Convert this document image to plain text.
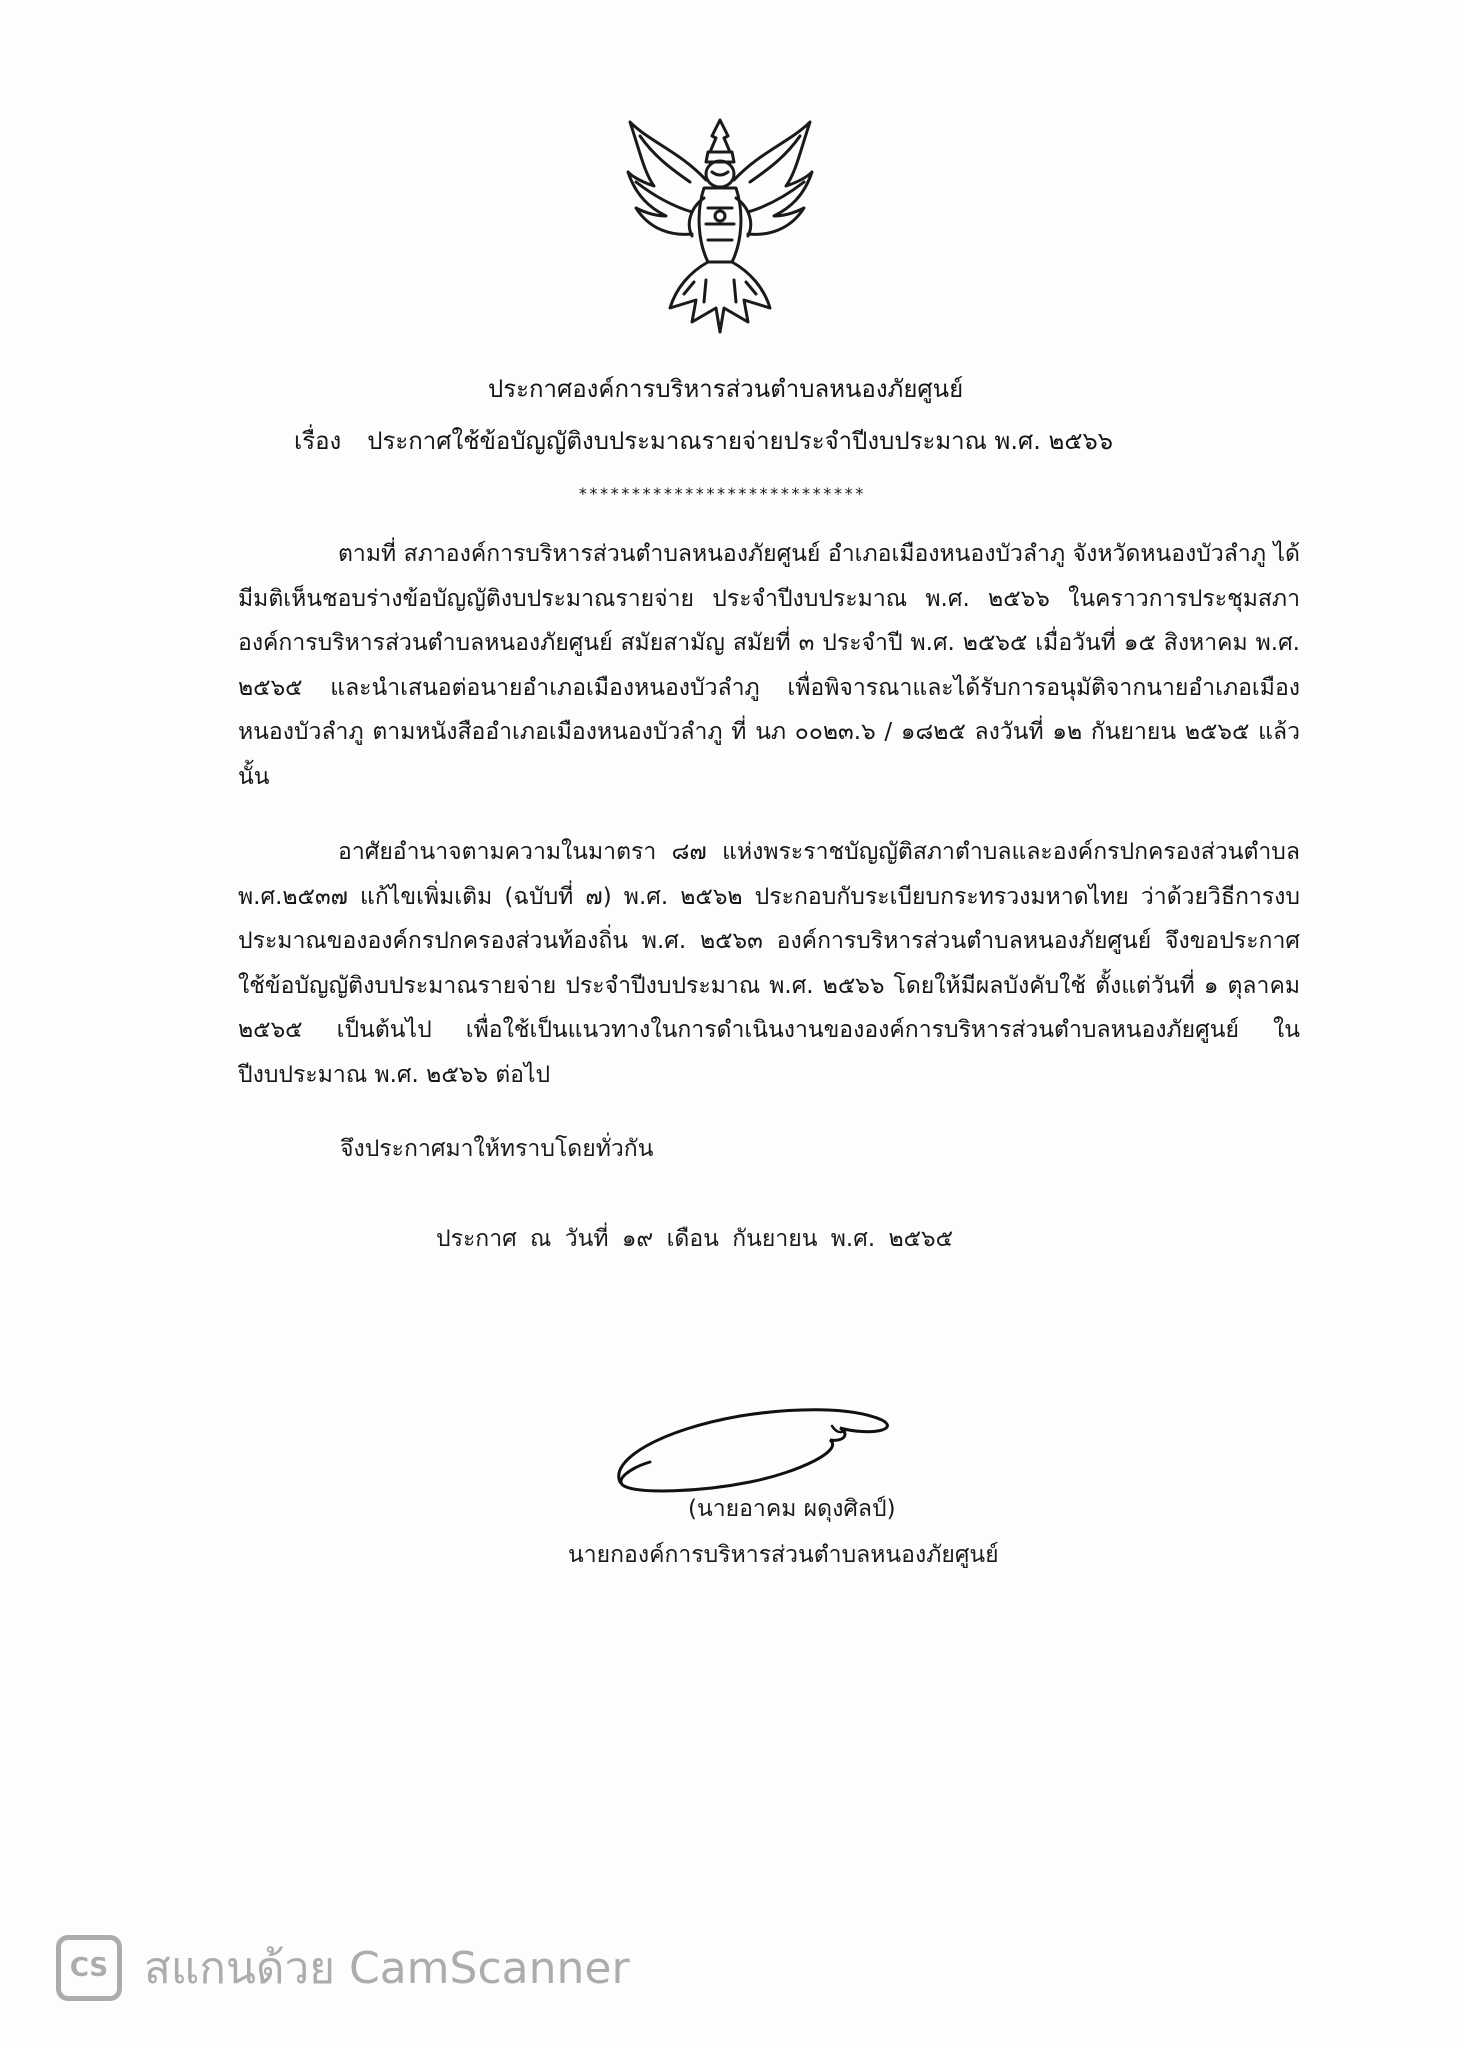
ประกาศองค์การบริหารส่วนตำบลหนองภัยศูนย์
เรื่อง ประกาศใช้ข้อบัญญัติงบประมาณรายจ่ายประจำปีงบประมาณ พ.ศ. ๒๕๖๖
***************************
ตามที่ สภาองค์การบริหารส่วนตำบลหนองภัยศูนย์ อำเภอเมืองหนองบัวลำภู จังหวัดหนองบัวลำภู ได้มีมติเห็นชอบร่างข้อบัญญัติงบประมาณรายจ่าย ประจำปีงบประมาณ พ.ศ. ๒๕๖๖ ในคราวการประชุมสภาองค์การบริหารส่วนตำบลหนองภัยศูนย์ สมัยสามัญ สมัยที่ ๓ ประจำปี พ.ศ. ๒๕๖๕ เมื่อวันที่ ๑๕ สิงหาคม พ.ศ. ๒๕๖๕ และนำเสนอต่อนายอำเภอเมืองหนองบัวลำภู เพื่อพิจารณาและได้รับการอนุมัติจากนายอำเภอเมืองหนองบัวลำภู ตามหนังสืออำเภอเมืองหนองบัวลำภู ที่ นภ ๐๐๒๓.๖ / ๑๘๒๕ ลงวันที่ ๑๒ กันยายน ๒๕๖๕ แล้วนั้น
อาศัยอำนาจตามความในมาตรา ๘๗ แห่งพระราชบัญญัติสภาตำบลและองค์กรปกครองส่วนตำบล พ.ศ.๒๕๓๗ แก้ไขเพิ่มเติม (ฉบับที่ ๗) พ.ศ. ๒๕๖๒ ประกอบกับระเบียบกระทรวงมหาดไทย ว่าด้วยวิธีการงบประมาณขององค์กรปกครองส่วนท้องถิ่น พ.ศ. ๒๕๖๓ องค์การบริหารส่วนตำบลหนองภัยศูนย์ จึงขอประกาศใช้ข้อบัญญัติงบประมาณรายจ่าย ประจำปีงบประมาณ พ.ศ. ๒๕๖๖ โดยให้มีผลบังคับใช้ ตั้งแต่วันที่ ๑ ตุลาคม ๒๕๖๕ เป็นต้นไป เพื่อใช้เป็นแนวทางในการดำเนินงานขององค์การบริหารส่วนตำบลหนองภัยศูนย์ ในปีงบประมาณ พ.ศ. ๒๕๖๖ ต่อไป
จึงประกาศมาให้ทราบโดยทั่วกัน
ประกาศ ณ วันที่ ๑๙ เดือน กันยายน พ.ศ. ๒๕๖๕
(นายอาคม ผดุงศิลป์)
นายกองค์การบริหารส่วนตำบลหนองภัยศูนย์
CS สแกนด้วย CamScanner
